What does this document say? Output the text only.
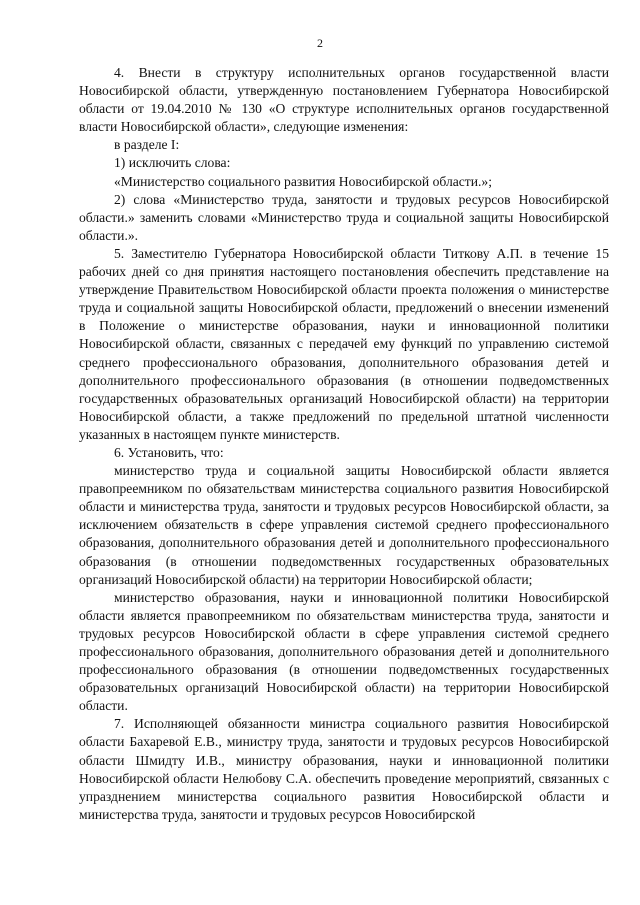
2

4. Внести в структуру исполнительных органов государственной власти Новосибирской области, утвержденную постановлением Губернатора Новосибирской области от 19.04.2010 № 130 «О структуре исполнительных органов государственной власти Новосибирской области», следующие изменения:

в разделе I:

1) исключить слова:

«Министерство социального развития Новосибирской области.»;

2) слова «Министерство труда, занятости и трудовых ресурсов Новосибирской области.» заменить словами «Министерство труда и социальной защиты Новосибирской области.».

5. Заместителю Губернатора Новосибирской области Титкову А.П. в течение 15 рабочих дней со дня принятия настоящего постановления обеспечить представление на утверждение Правительством Новосибирской области проекта положения о министерстве труда и социальной защиты Новосибирской области, предложений о внесении изменений в Положение о министерстве образования, науки и инновационной политики Новосибирской области, связанных с передачей ему функций по управлению системой среднего профессионального образования, дополнительного образования детей и дополнительного профессионального образования (в отношении подведомственных государственных образовательных организаций Новосибирской области) на территории Новосибирской области, а также предложений по предельной штатной численности указанных в настоящем пункте министерств.

6. Установить, что:

министерство труда и социальной защиты Новосибирской области является правопреемником по обязательствам министерства социального развития Новосибирской области и министерства труда, занятости и трудовых ресурсов Новосибирской области, за исключением обязательств в сфере управления системой среднего профессионального образования, дополнительного образования детей и дополнительного профессионального образования (в отношении подведомственных государственных образовательных организаций Новосибирской области) на территории Новосибирской области;

министерство образования, науки и инновационной политики Новосибирской области является правопреемником по обязательствам министерства труда, занятости и трудовых ресурсов Новосибирской области в сфере управления системой среднего профессионального образования, дополнительного образования детей и дополнительного профессионального образования (в отношении подведомственных государственных образовательных организаций Новосибирской области) на территории Новосибирской области.

7. Исполняющей обязанности министра социального развития Новосибирской области Бахаревой Е.В., министру труда, занятости и трудовых ресурсов Новосибирской области Шмидту И.В., министру образования, науки и инновационной политики Новосибирской области Нелюбову С.А. обеспечить проведение мероприятий, связанных с упразднением министерства социального развития Новосибирской области и министерства труда, занятости и трудовых ресурсов Новосибирской
